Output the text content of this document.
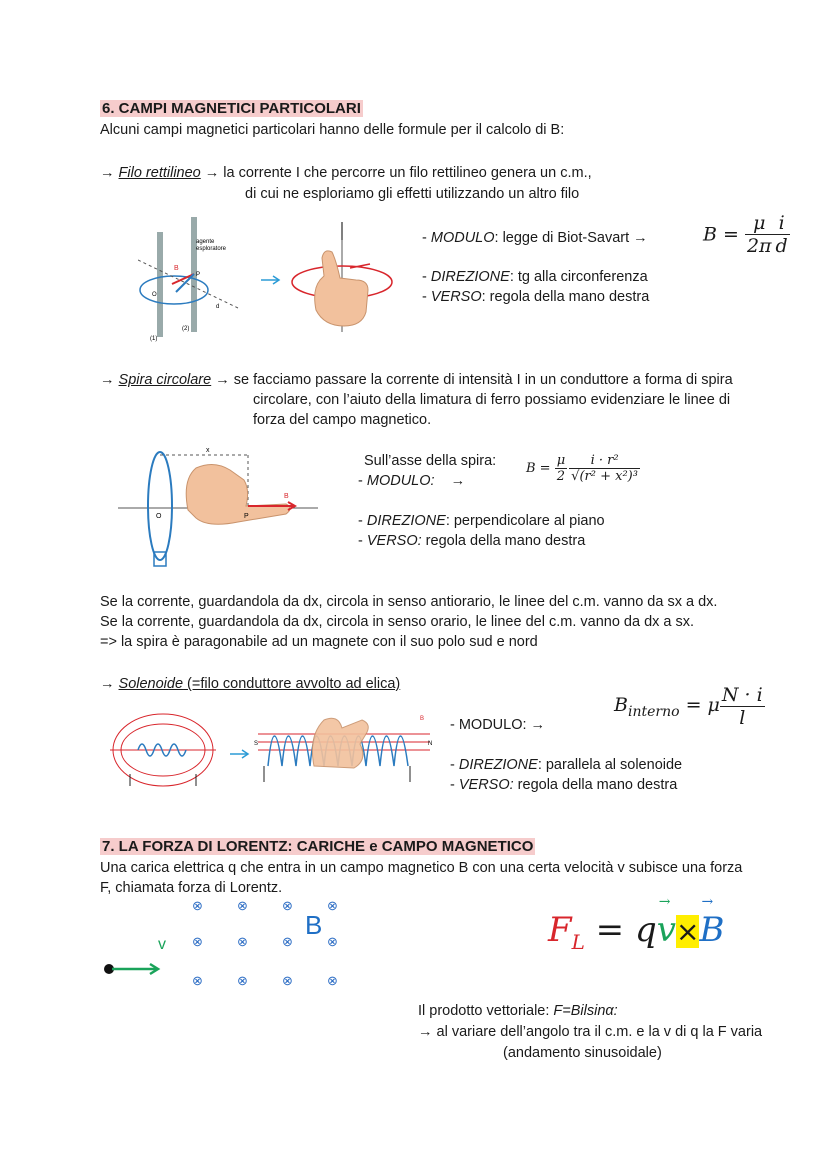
6. CAMPI MAGNETICI PARTICOLARI
Alcuni campi magnetici particolari hanno delle formule per il calcolo di B:
→ Filo rettilineo → la corrente I che percorre un filo rettilineo genera un c.m.,
di cui ne esploriamo gli effetti utilizzando un altro filo
agente
esploratore
B
P
O
d
(1)
(2)
- MODULO: legge di Biot-Savart →
- DIREZIONE: tg alla circonferenza
- VERSO: regola della mano destra
$B = \frac{\mu}{2\pi} \frac{i}{d}$
→ Spira circolare → se facciamo passare la corrente di intensità I in un conduttore a forma di spira
circolare, con l’aiuto della limatura di ferro possiamo evidenziare le linee di
forza del campo magnetico.
x
O	P
B
Sull’asse della spira:
- MODULO: →
$B = \frac{\mu}{2} \frac{\text{i · r²}}{\text{√(r² + x²)³}}$
- DIREZIONE: perpendicolare al piano
- VERSO: regola della mano destra
Se la corrente, guardandola da dx, circola in senso antiorario, le linee del c.m. vanno da sx a dx.
Se la corrente, guardandola da dx, circola in senso orario, le linee del c.m. vanno da dx a sx.
=> la spira è paragonabile ad un magnete con il suo polo sud e nord
→ Solenoide (=filo conduttore avvolto ad elica)
S	N
B - MODULO: →
$B_{interno} = \mu \frac{N \cdot i}{l}$
- DIREZIONE: parallela al solenoide
- VERSO: regola della mano destra
7. LA FORZA DI LORENTZ: CARICHE e CAMPO MAGNETICO
Una carica elettrica q che entra in un campo magnetico B con una certa velocità v subisce una forza
F, chiamata forza di Lorentz.
⊗	⊗	⊗	⊗
⊗	⊗	⊗	⊗
⊗	⊗	⊗	⊗
B
v	$F_L$ = qv
→
×B
→
Il prodotto vettoriale: F=Bilsinα:
→ al variare dell’angolo tra il c.m. e la v di q la F varia
(andamento sinusoidale)
